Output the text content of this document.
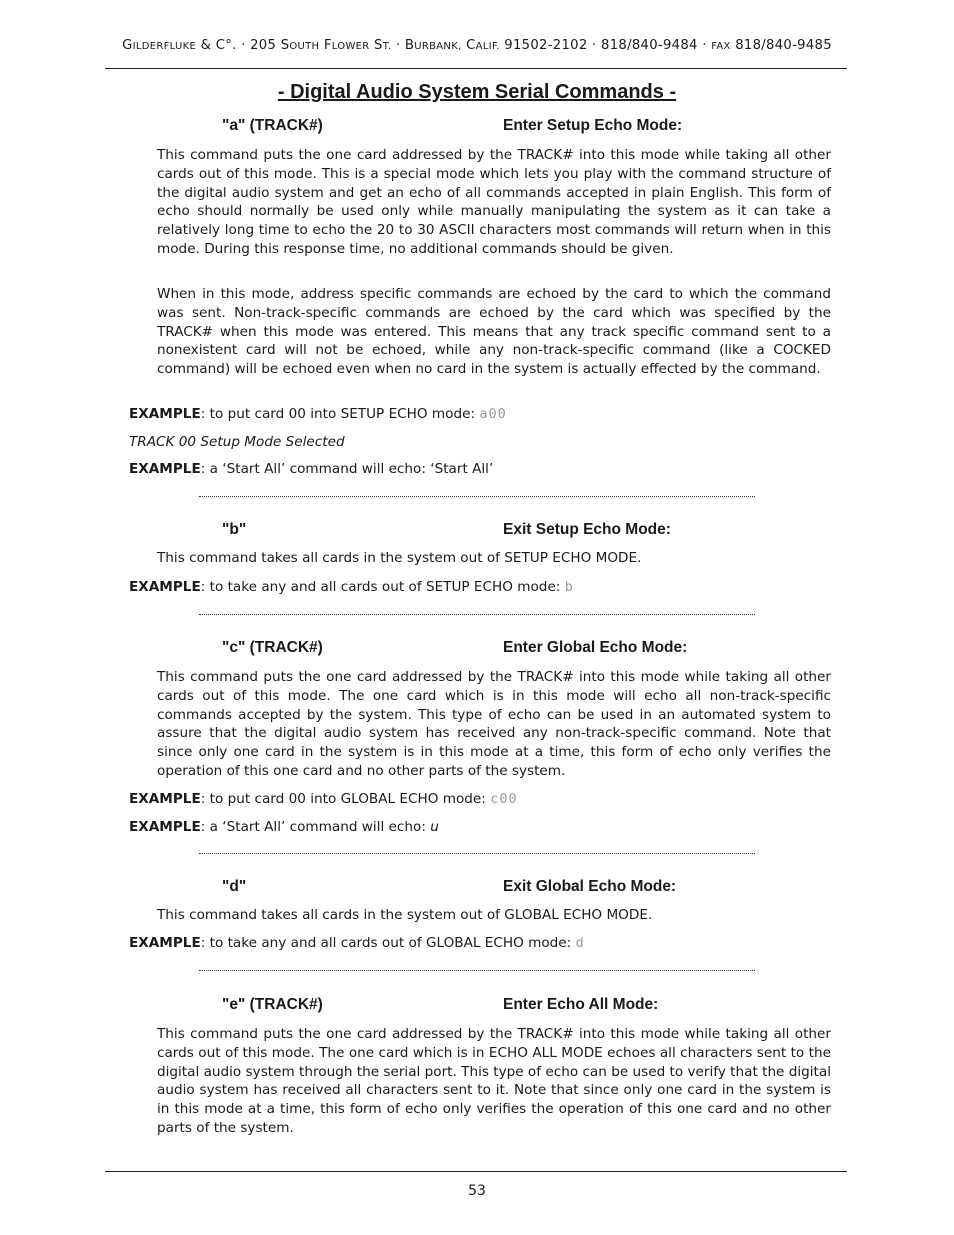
GILDERFLUKE & C°. · 205 SOUTH FLOWER ST. · BURBANK, CALIF. 91502-2102 · 818/840-9484 · FAX 818/840-9485
- Digital Audio System Serial Commands -
"a" (TRACK#)	Enter Setup Echo Mode:

This command puts the one card addressed by the TRACK# into this mode while taking all other cards out of this mode. This is a special mode which lets you play with the command structure of the digital audio system and get an echo of all commands accepted in plain English. This form of echo should normally be used only while manually manipulating the system as it can take a relatively long time to echo the 20 to 30 ASCII characters most commands will return when in this mode. During this response time, no additional commands should be given.

When in this mode, address specific commands are echoed by the card to which the command was sent. Non-track-specific commands are echoed by the card which was specified by the TRACK# when this mode was entered. This means that any track specific command sent to a nonexistent card will not be echoed, while any non-track-specific command (like a COCKED command) will be echoed even when no card in the system is actually effected by the command.

EXAMPLE: to put card 00 into SETUP ECHO mode: a00
TRACK 00 Setup Mode Selected
EXAMPLE: a ‘Start All’ command will echo: ‘Start All’
"b"	Exit Setup Echo Mode:
This command takes all cards in the system out of SETUP ECHO MODE.
EXAMPLE: to take any and all cards out of SETUP ECHO mode: b
"c" (TRACK#)	Enter Global Echo Mode:

This command puts the one card addressed by the TRACK# into this mode while taking all other cards out of this mode. The one card which is in this mode will echo all non-track-specific commands accepted by the system. This type of echo can be used in an automated system to assure that the digital audio system has received any non-track-specific command. Note that since only one card in the system is in this mode at a time, this form of echo only verifies the operation of this one card and no other parts of the system.

EXAMPLE: to put card 00 into GLOBAL ECHO mode: c00
EXAMPLE: a ‘Start All’ command will echo: u
"d"	Exit Global Echo Mode:
This command takes all cards in the system out of GLOBAL ECHO MODE.
EXAMPLE: to take any and all cards out of GLOBAL ECHO mode: d
"e" (TRACK#)	Enter Echo All Mode:

This command puts the one card addressed by the TRACK# into this mode while taking all other cards out of this mode. The one card which is in ECHO ALL MODE echoes all characters sent to the digital audio system through the serial port. This type of echo can be used to verify that the digital audio system has received all characters sent to it. Note that since only one card in the system is in this mode at a time, this form of echo only verifies the operation of this one card and no other parts of the system.

53
